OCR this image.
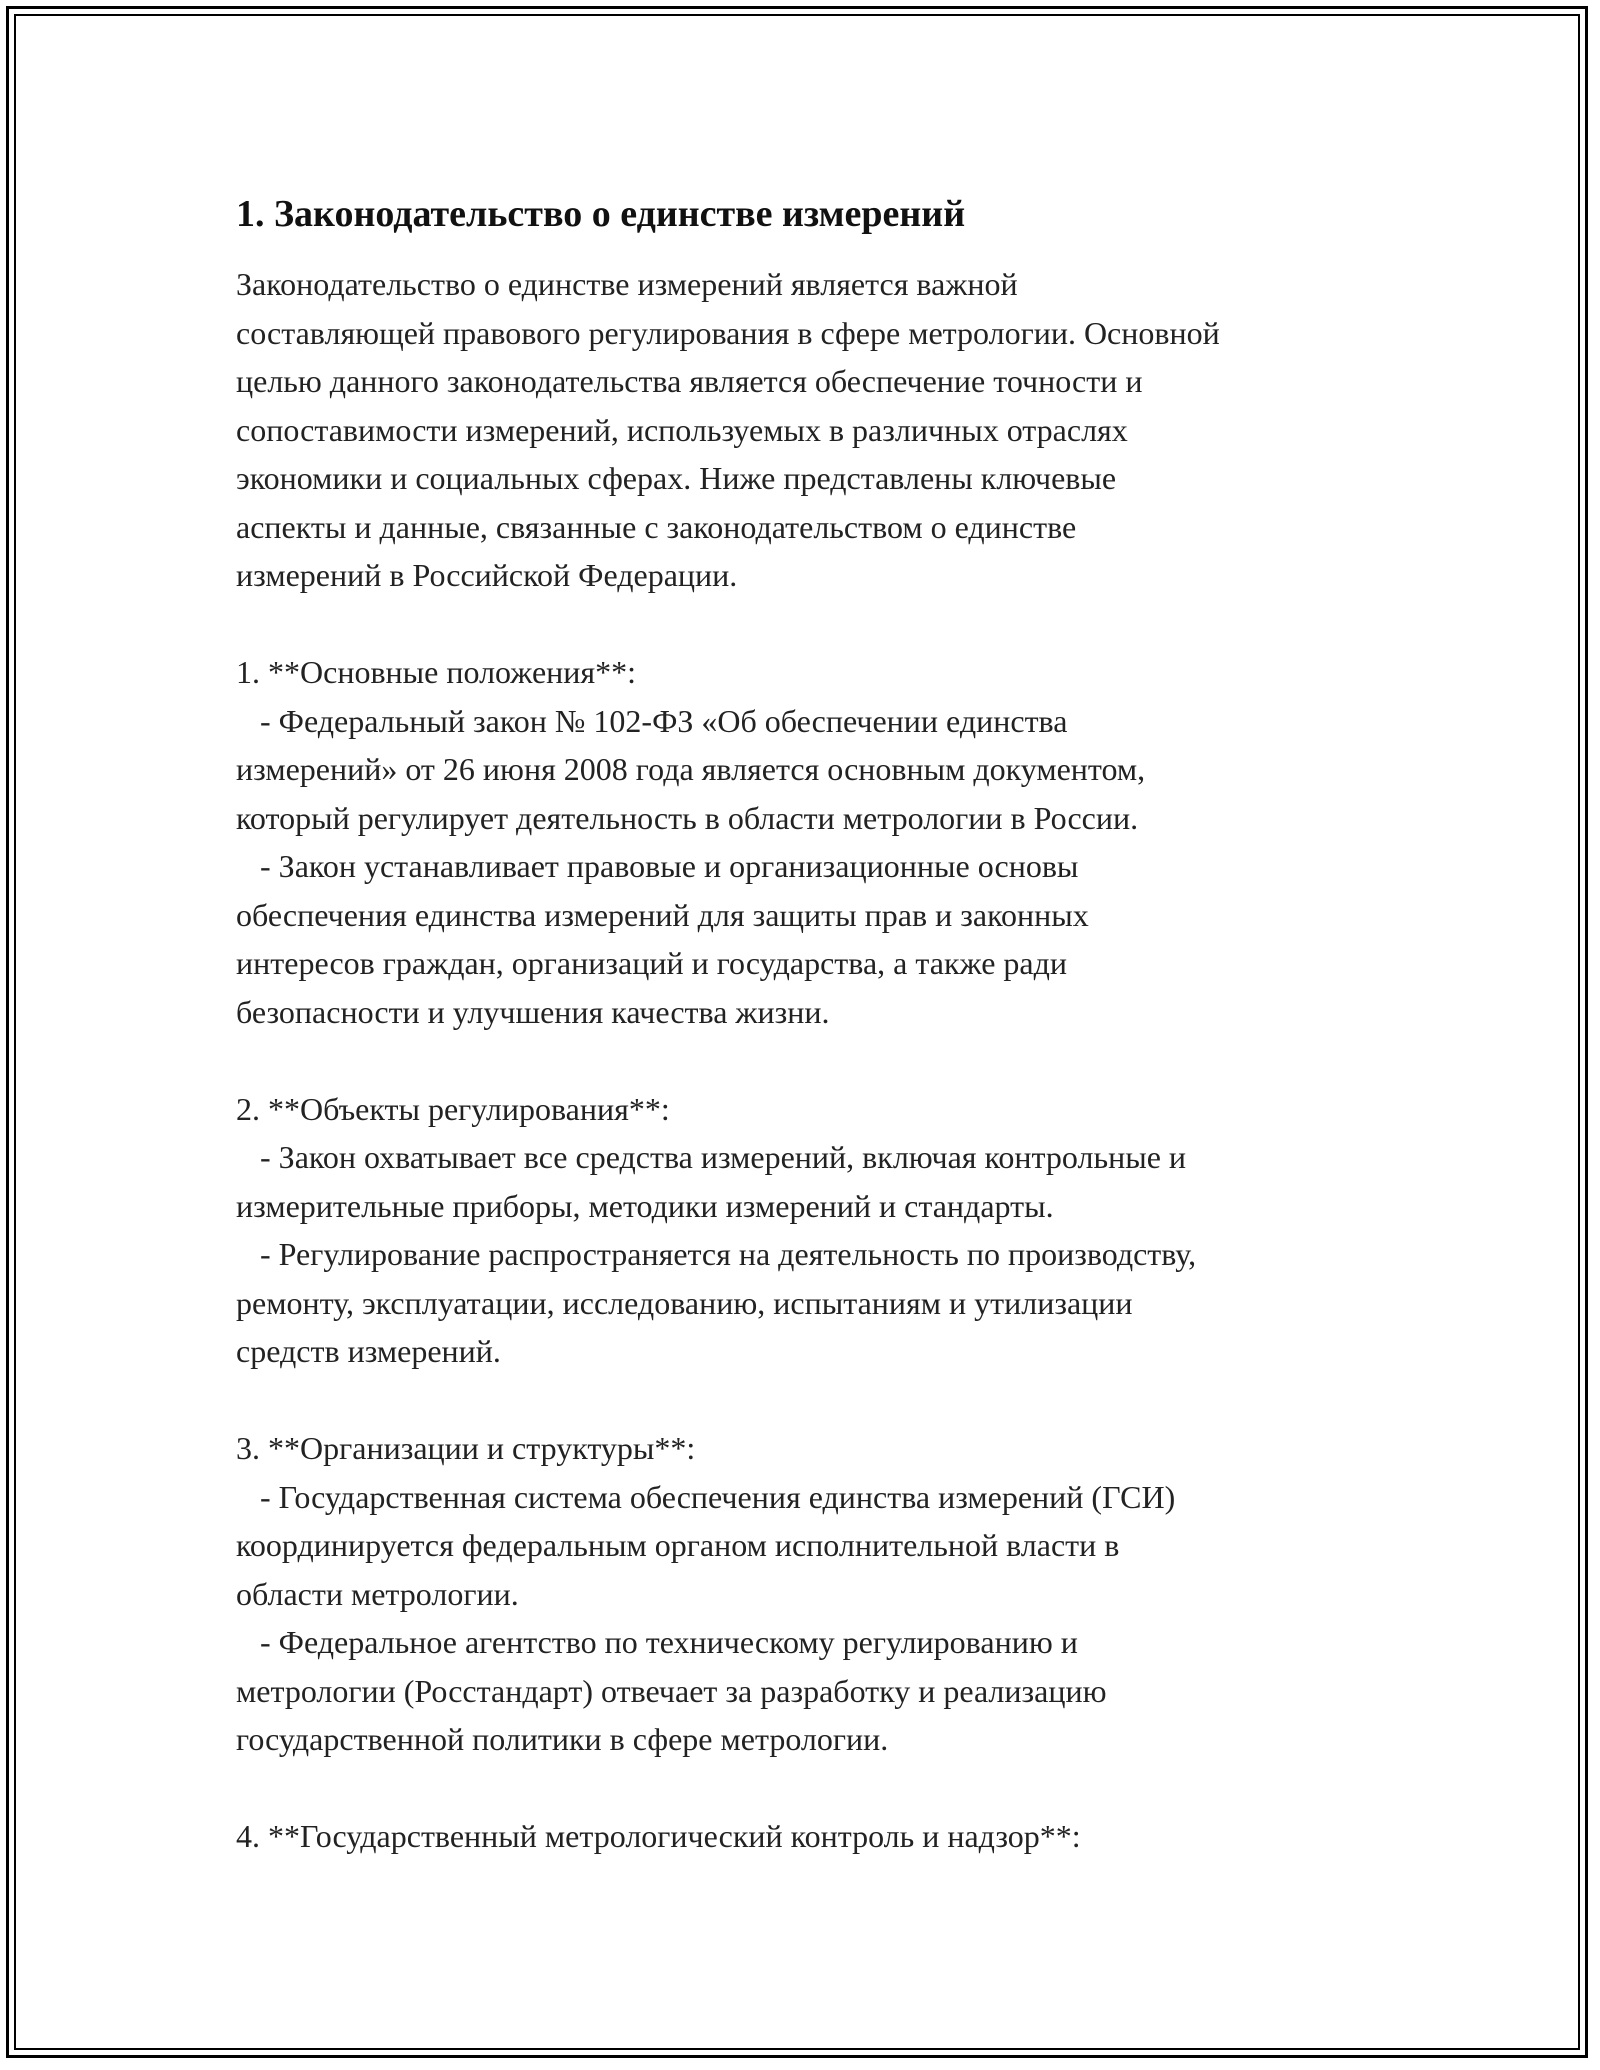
1. Законодательство о единстве измерений

Законодательство о единстве измерений является важной
составляющей правового регулирования в сфере метрологии. Основной
целью данного законодательства является обеспечение точности и
сопоставимости измерений, используемых в различных отраслях
экономики и социальных сферах. Ниже представлены ключевые
аспекты и данные, связанные с законодательством о единстве
измерений в Российской Федерации.

1. **Основные положения**:

- Федеральный закон № 102-ФЗ «Об обеспечении единства
измерений» от 26 июня 2008 года является основным документом,
который регулирует деятельность в области метрологии в России.

- Закон устанавливает правовые и организационные основы
обеспечения единства измерений для защиты прав и законных
интересов граждан, организаций и государства, а также ради
безопасности и улучшения качества жизни.

2. **Объекты регулирования**:

- Закон охватывает все средства измерений, включая контрольные и
измерительные приборы, методики измерений и стандарты.

- Регулирование распространяется на деятельность по производству,
ремонту, эксплуатации, исследованию, испытаниям и утилизации
средств измерений.

3. **Организации и структуры**:

- Государственная система обеспечения единства измерений (ГСИ)
координируется федеральным органом исполнительной власти в
области метрологии.

- Федеральное агентство по техническому регулированию и
метрологии (Росстандарт) отвечает за разработку и реализацию
государственной политики в сфере метрологии.

4. **Государственный метрологический контроль и надзор**:
